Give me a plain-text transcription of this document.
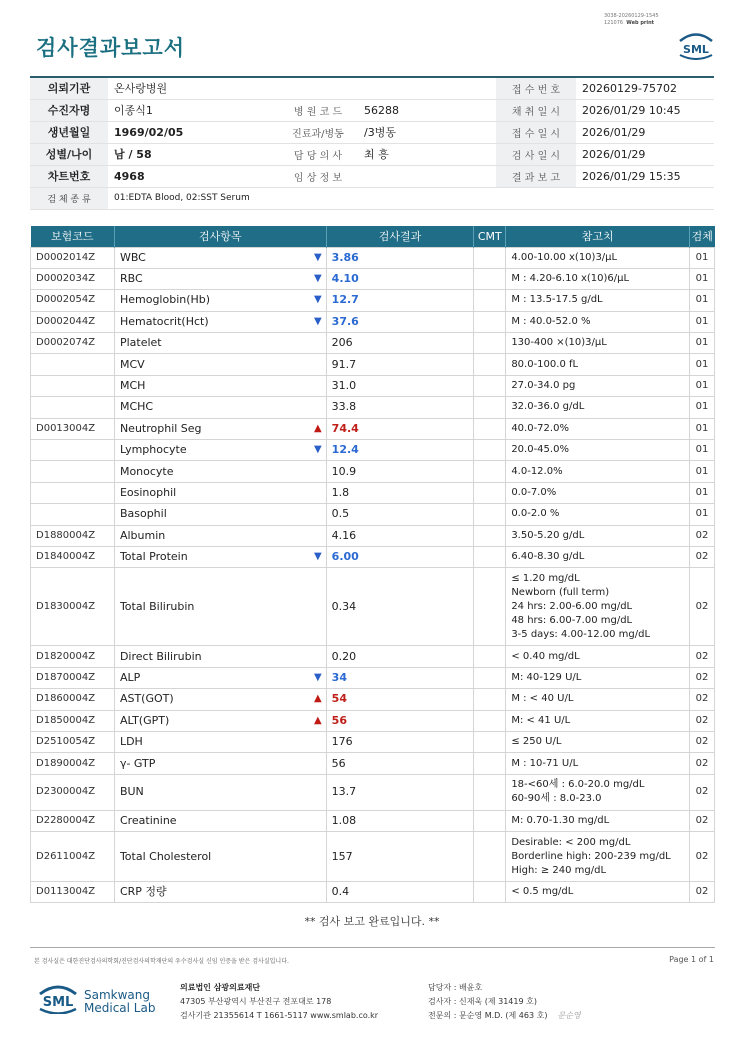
검사결과보고서
3038-20260129-1545
121076 Web print
SML
의뢰기관	온사랑병원			접 수 번 호	20260129-75702
수진자명	이종식1	병 원 코 드	56288	채 취 일 시	2026/01/29 10:45
생년월일	1969/02/05	진료과/병동	/3병동	접 수 일 시	2026/01/29
성별/나이	남 / 58	담 당 의 사	최 흥	검 사 일 시	2026/01/29
차트번호	4968	임 상 정 보		결 과 보 고	2026/01/29 15:35
검 체 종 류	01:EDTA Blood, 02:SST Serum				
보험코드	검사항목	검사결과	CMT	참고치	검체
D0002014Z	WBC ▼	3.86		4.00-10.00 x(10)3/μL	01
D0002034Z	RBC ▼	4.10		M : 4.20-6.10 x(10)6/μL	01
D0002054Z	Hemoglobin(Hb) ▼	12.7		M : 13.5-17.5 g/dL	01
D0002044Z	Hematocrit(Hct) ▼	37.6		M : 40.0-52.0 %	01
D0002074Z	Platelet	206		130-400 ×(10)3/μL	01
	MCV	91.7		80.0-100.0 fL	01
	MCH	31.0		27.0-34.0 pg	01
	MCHC	33.8		32.0-36.0 g/dL	01
D0013004Z	Neutrophil Seg ▲	74.4		40.0-72.0%	01
	Lymphocyte ▼	12.4		20.0-45.0%	01
	Monocyte	10.9		4.0-12.0%	01
	Eosinophil	1.8		0.0-7.0%	01
	Basophil	0.5		0.0-2.0 %	01
D1880004Z	Albumin	4.16		3.50-5.20 g/dL	02
D1840004Z	Total Protein ▼	6.00		6.40-8.30 g/dL	02
D1830004Z	Total Bilirubin	0.34		≤ 1.20 mg/dL
Newborn (full term)
24 hrs: 2.00-6.00 mg/dL
48 hrs: 6.00-7.00 mg/dL
3-5 days: 4.00-12.00 mg/dL	02
D1820004Z	Direct Bilirubin	0.20		< 0.40 mg/dL	02
D1870004Z	ALP ▼	34		M: 40-129 U/L	02
D1860004Z	AST(GOT) ▲	54		M : < 40 U/L	02
D1850004Z	ALT(GPT) ▲	56		M: < 41 U/L	02
D2510054Z	LDH	176		≤ 250 U/L	02
D1890004Z	γ- GTP	56		M : 10-71 U/L	02
D2300004Z	BUN	13.7		18-<60세 : 6.0-20.0 mg/dL
60-90세 : 8.0-23.0	02
D2280004Z	Creatinine	1.08		M: 0.70-1.30 mg/dL	02
D2611004Z	Total Cholesterol	157		Desirable: < 200 mg/dL
Borderline high: 200-239 mg/dL
High: ≥ 240 mg/dL	02
D0113004Z	CRP 정량	0.4		< 0.5 mg/dL	02
** 검사 보고 완료입니다. **
본 검사실은 대한진단검사의학회/진단검사의학재단의 우수검사실 신임 인증을 받은 검사실입니다.	Page 1 of 1
SML Samkwang
Medical Lab
의료법인 삼광의료재단
47305 부산광역시 부산진구 전포대로 178
검사기관 21355614 T 1661-5117 www.smlab.co.kr
담당자 : 배윤호
검사자 : 신재욱 (제 31419 호)
전문의 : 문순영 M.D. (제 463 호) 문순영
